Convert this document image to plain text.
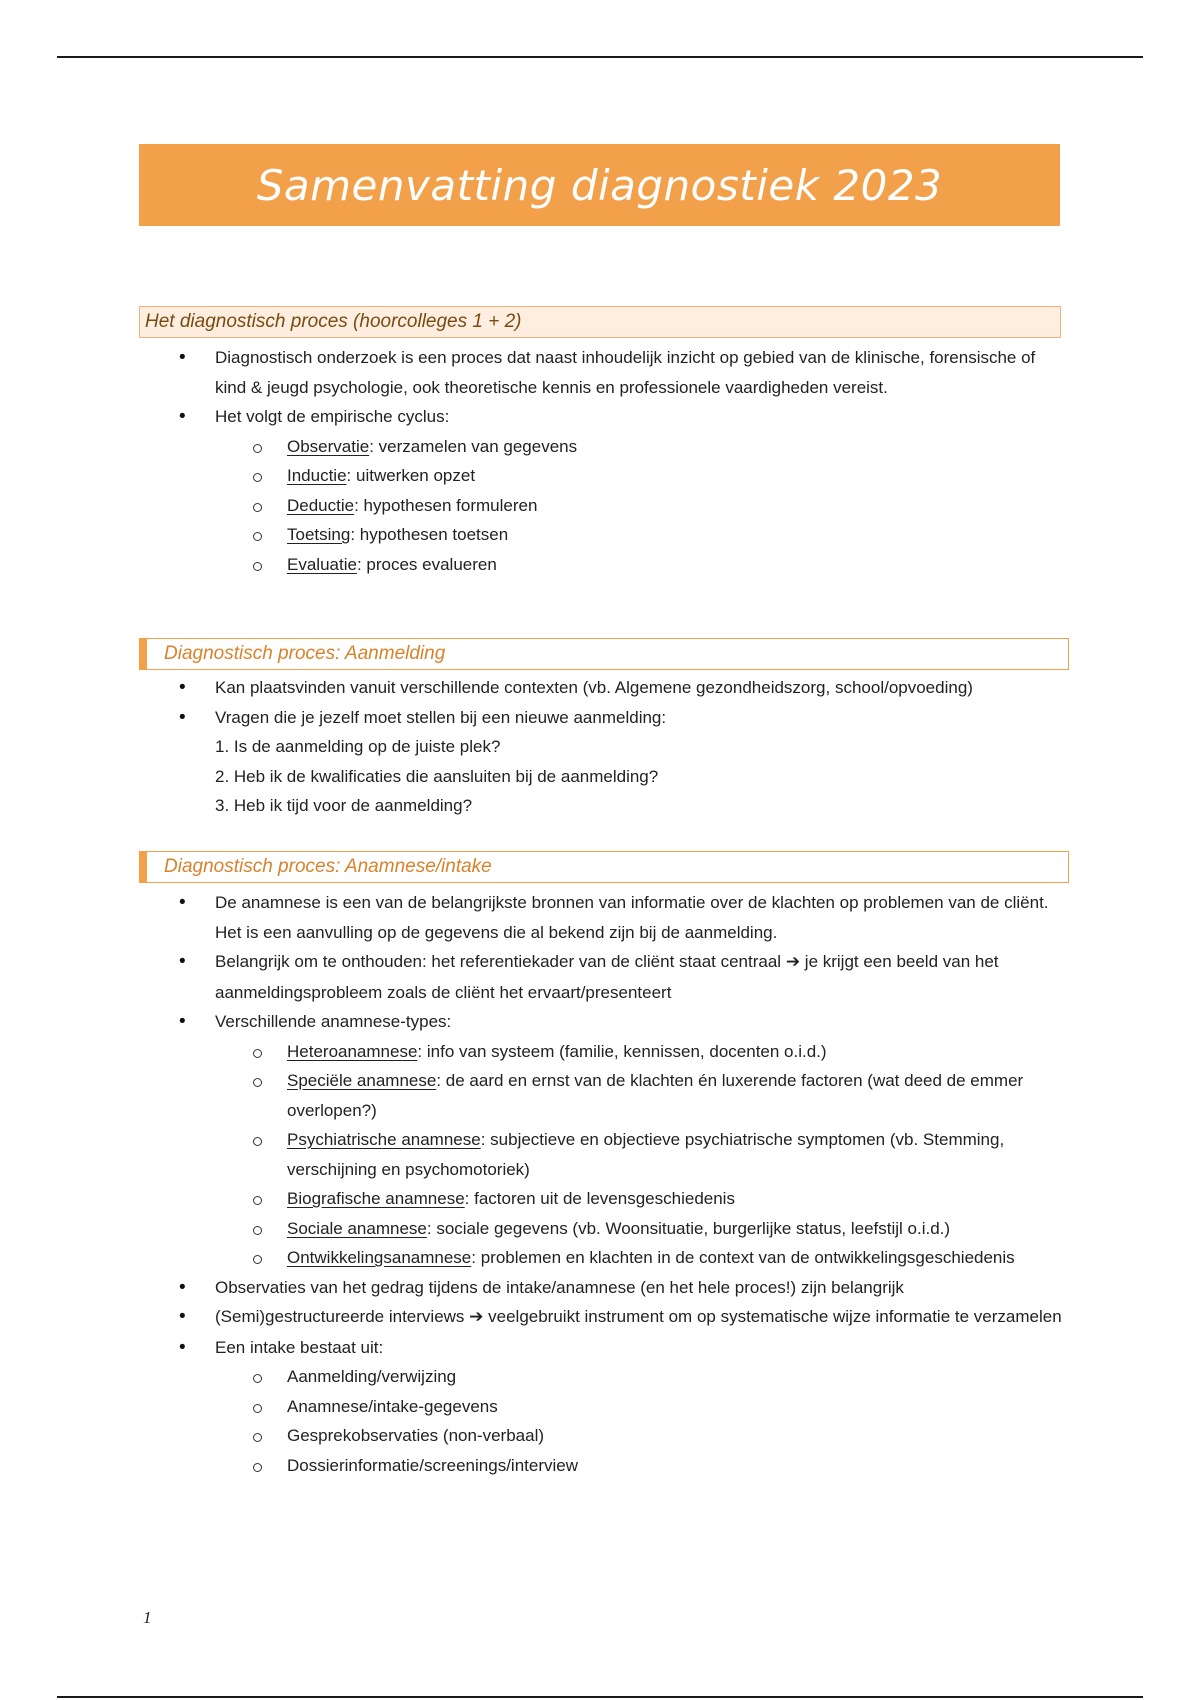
Samenvatting diagnostiek 2023
Het diagnostisch proces (hoorcolleges 1 + 2)
• Diagnostisch onderzoek is een proces dat naast inhoudelijk inzicht op gebied van de klinische, forensische of kind & jeugd psychologie, ook theoretische kennis en professionele vaardigheden vereist.
• Het volgt de empirische cyclus:
Observatie: verzamelen van gegevens
Inductie: uitwerken opzet
Deductie: hypothesen formuleren
Toetsing: hypothesen toetsen
Evaluatie: proces evalueren
Diagnostisch proces: Aanmelding
• Kan plaatsvinden vanuit verschillende contexten (vb. Algemene gezondheidszorg, school/opvoeding)
• Vragen die je jezelf moet stellen bij een nieuwe aanmelding:
1. Is de aanmelding op de juiste plek?
2. Heb ik de kwalificaties die aansluiten bij de aanmelding?
3. Heb ik tijd voor de aanmelding?
Diagnostisch proces: Anamnese/intake
• De anamnese is een van de belangrijkste bronnen van informatie over de klachten op problemen van de cliënt. Het is een aanvulling op de gegevens die al bekend zijn bij de aanmelding.
• Belangrijk om te onthouden: het referentiekader van de cliënt staat centraal ➔ je krijgt een beeld van het aanmeldingsprobleem zoals de cliënt het ervaart/presenteert
• Verschillende anamnese-types:
Heteroanamnese: info van systeem (familie, kennissen, docenten o.i.d.)
Speciële anamnese: de aard en ernst van de klachten én luxerende factoren (wat deed de emmer overlopen?)
Psychiatrische anamnese: subjectieve en objectieve psychiatrische symptomen (vb. Stemming, verschijning en psychomotoriek)
Biografische anamnese: factoren uit de levensgeschiedenis
Sociale anamnese: sociale gegevens (vb. Woonsituatie, burgerlijke status, leefstijl o.i.d.)
Ontwikkelingsanamnese: problemen en klachten in de context van de ontwikkelingsgeschiedenis
• Observaties van het gedrag tijdens de intake/anamnese (en het hele proces!) zijn belangrijk
• (Semi)gestructureerde interviews ➔ veelgebruikt instrument om op systematische wijze informatie te verzamelen
• Een intake bestaat uit:
Aanmelding/verwijzing
Anamnese/intake-gegevens
Gesprekobservaties (non-verbaal)
Dossierinformatie/screenings/interview
1
